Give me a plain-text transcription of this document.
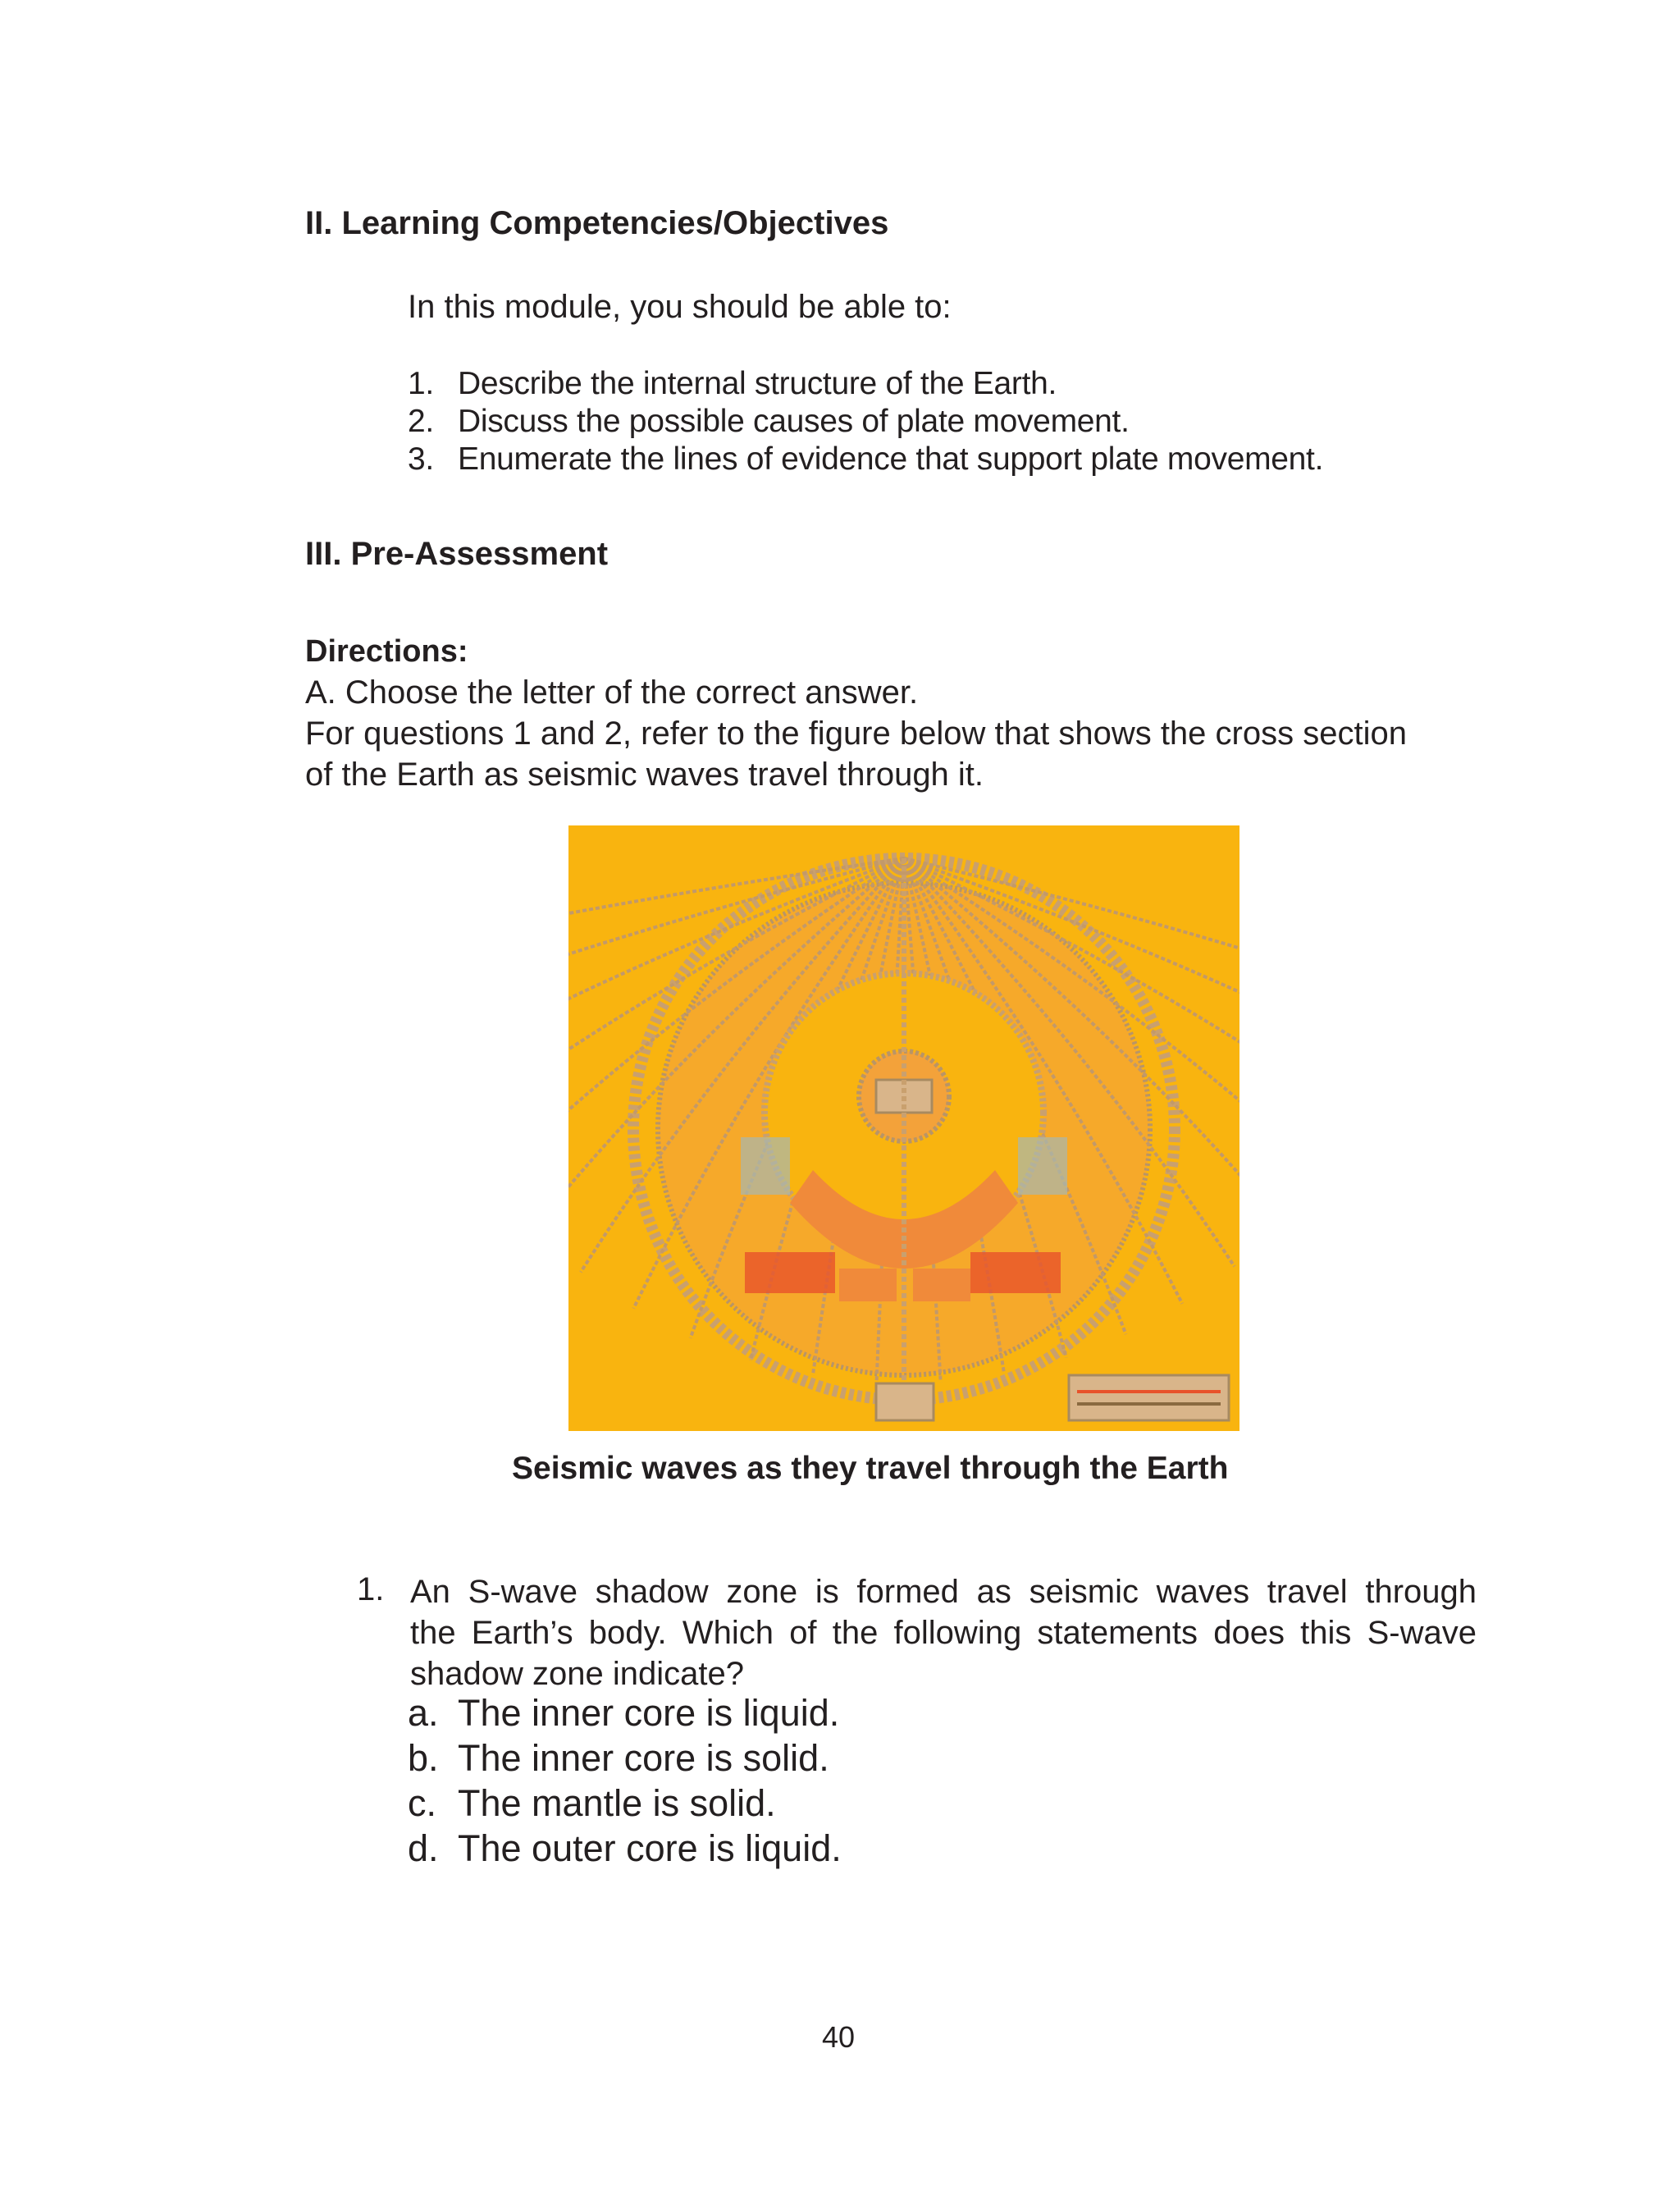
II. Learning Competencies/Objectives
In this module, you should be able to:
1. Describe the internal structure of the Earth.
2. Discuss the possible causes of plate movement.
3. Enumerate the lines of evidence that support plate movement.
III. Pre-Assessment
Directions:
A. Choose the letter of the correct answer.
For questions 1 and 2, refer to the figure below that shows the cross section
of the Earth as seismic waves travel through it.
Seismic waves as they travel through the Earth
1. An S-wave shadow zone is formed as seismic waves travel through
the Earth’s body. Which of the following statements does this S-wave
shadow zone indicate?
a. The inner core is liquid.
b. The inner core is solid.
c. The mantle is solid.
d. The outer core is liquid.
40
